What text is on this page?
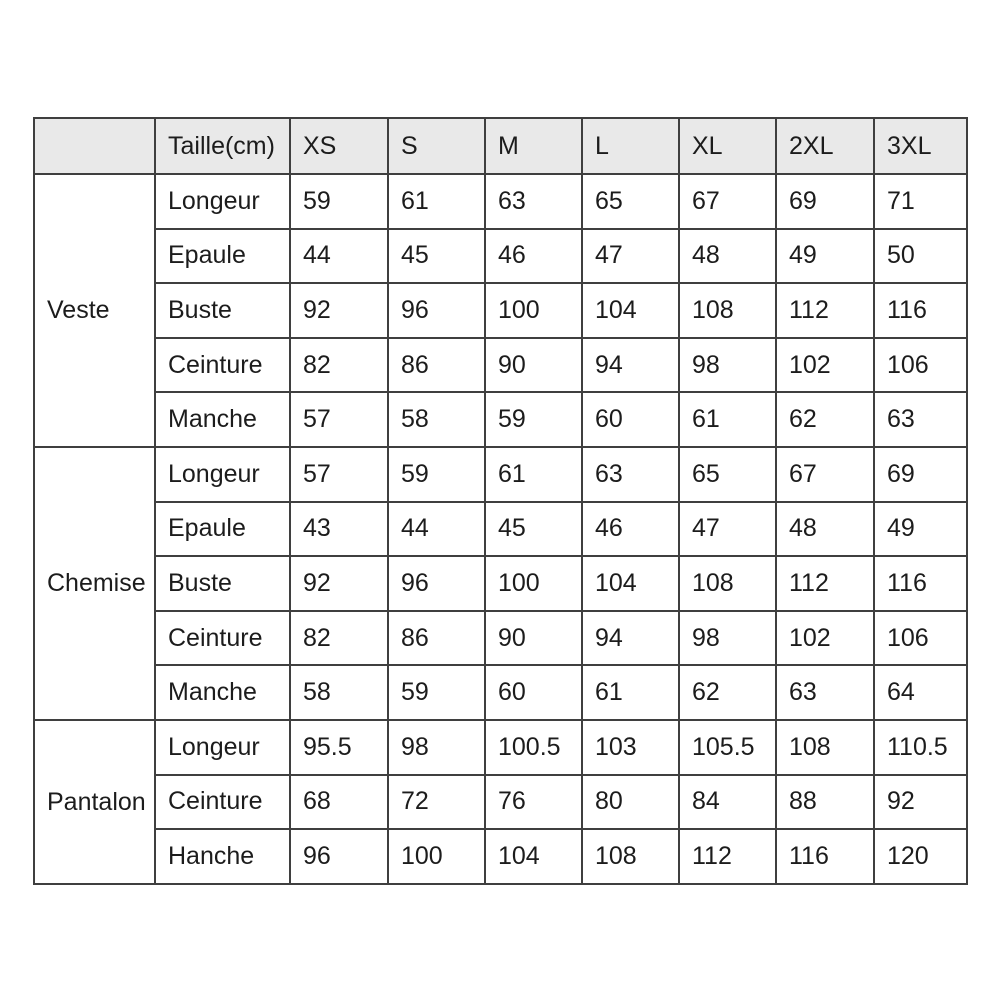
	Taille(cm)	XS	S	M	L	XL	2XL	3XL

Veste	Longeur	59	61	63	65	67	69	71
	Epaule	44	45	46	47	48	49	50
	Buste	92	96	100	104	108	112	116
	Ceinture	82	86	90	94	98	102	106
	Manche	57	58	59	60	61	62	63

Chemise	Longeur	57	59	61	63	65	67	69
	Epaule	43	44	45	46	47	48	49
	Buste	92	96	100	104	108	112	116
	Ceinture	82	86	90	94	98	102	106
	Manche	58	59	60	61	62	63	64

Pantalon	Longeur	95.5	98	100.5	103	105.5	108	110.5
	Ceinture	68	72	76	80	84	88	92
	Hanche	96	100	104	108	112	116	120
